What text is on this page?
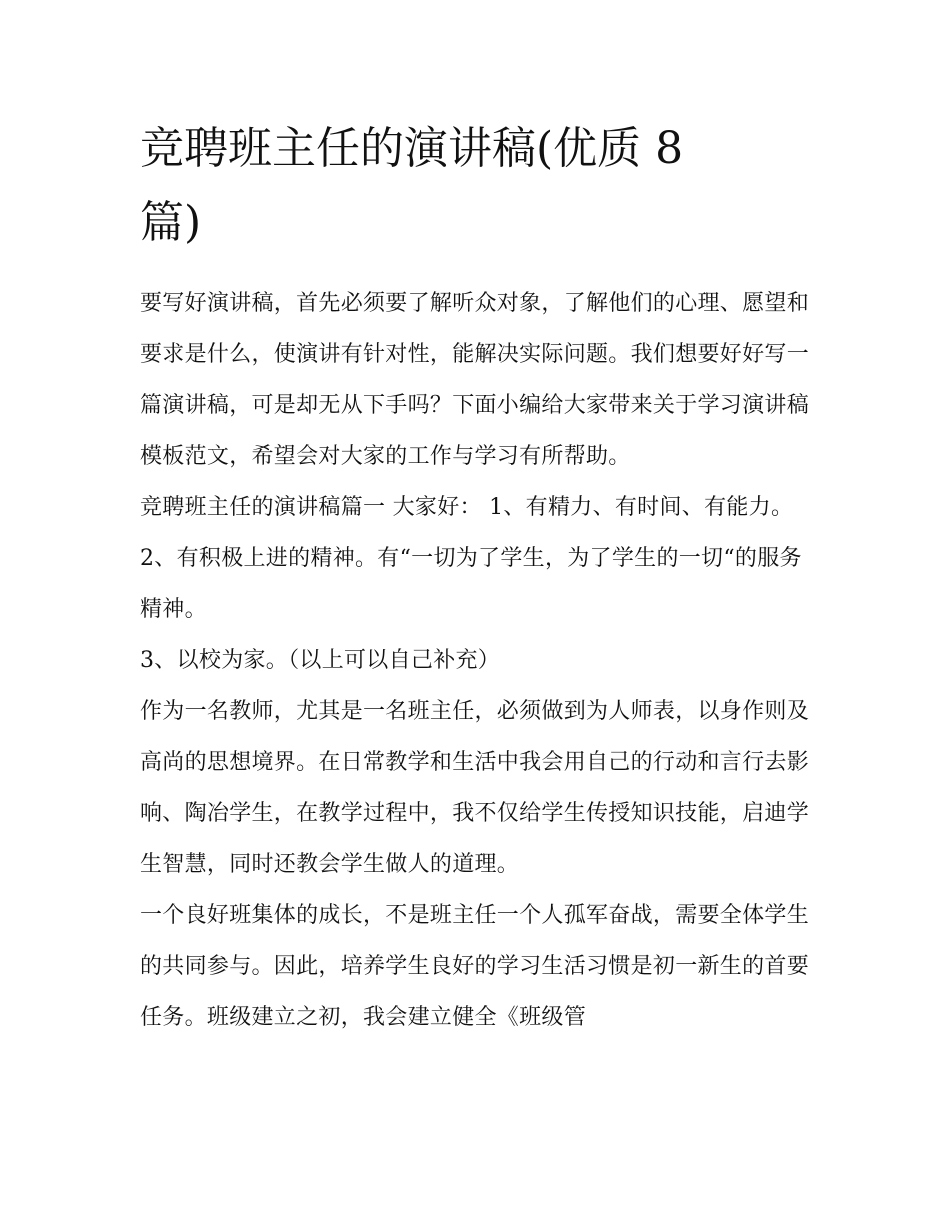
竞聘班主任的演讲稿(优质 8
篇)

要写好演讲稿，首先必须要了解听众对象，了解他们的心理、愿望和要求是什么，使演讲有针对性，能解决实际问题。我们想要好好写一篇演讲稿，可是却无从下手吗？下面小编给大家带来关于学习演讲稿模板范文，希望会对大家的工作与学习有所帮助。

竞聘班主任的演讲稿篇一 大家好： 1、有精力、有时间、有能力。 2、有积极上进的精神。有“一切为了学生，为了学生的一切“的服务精神。

3、以校为家。（以上可以自己补充）

作为一名教师，尤其是一名班主任，必须做到为人师表，以身作则及高尚的思想境界。在日常教学和生活中我会用自己的行动和言行去影响、陶冶学生，在教学过程中，我不仅给学生传授知识技能，启迪学生智慧，同时还教会学生做人的道理。

一个良好班集体的成长，不是班主任一个人孤军奋战，需要全体学生的共同参与。因此，培养学生良好的学习生活习惯是初一新生的首要任务。班级建立之初，我会建立健全《班级管
